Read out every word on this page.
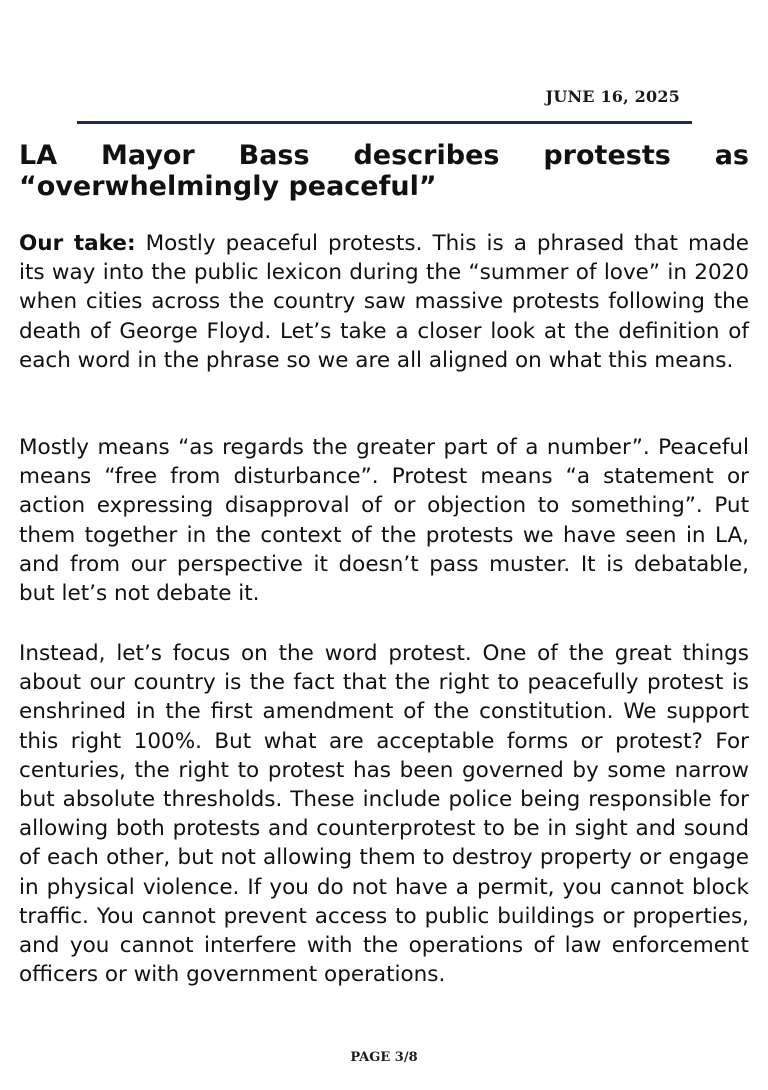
JUNE 16, 2025
LA Mayor Bass describes protests as “overwhelmingly peaceful”

Our take: Mostly peaceful protests. This is a phrased that made its way into the public lexicon during the “summer of love” in 2020 when cities across the country saw massive protests following the death of George Floyd. Let’s take a closer look at the definition of each word in the phrase so we are all aligned on what this means.

Mostly means “as regards the greater part of a number”. Peaceful means “free from disturbance”. Protest means “a statement or action expressing disapproval of or objection to something”. Put them together in the context of the protests we have seen in LA, and from our perspective it doesn’t pass muster. It is debatable, but let’s not debate it.

Instead, let’s focus on the word protest. One of the great things about our country is the fact that the right to peacefully protest is enshrined in the first amendment of the constitution. We support this right 100%. But what are acceptable forms or protest? For centuries, the right to protest has been governed by some narrow but absolute thresholds. These include police being responsible for allowing both protests and counterprotest to be in sight and sound of each other, but not allowing them to destroy property or engage in physical violence. If you do not have a permit, you cannot block traffic. You cannot prevent access to public buildings or properties, and you cannot interfere with the operations of law enforcement officers or with government operations.

PAGE 3/8
